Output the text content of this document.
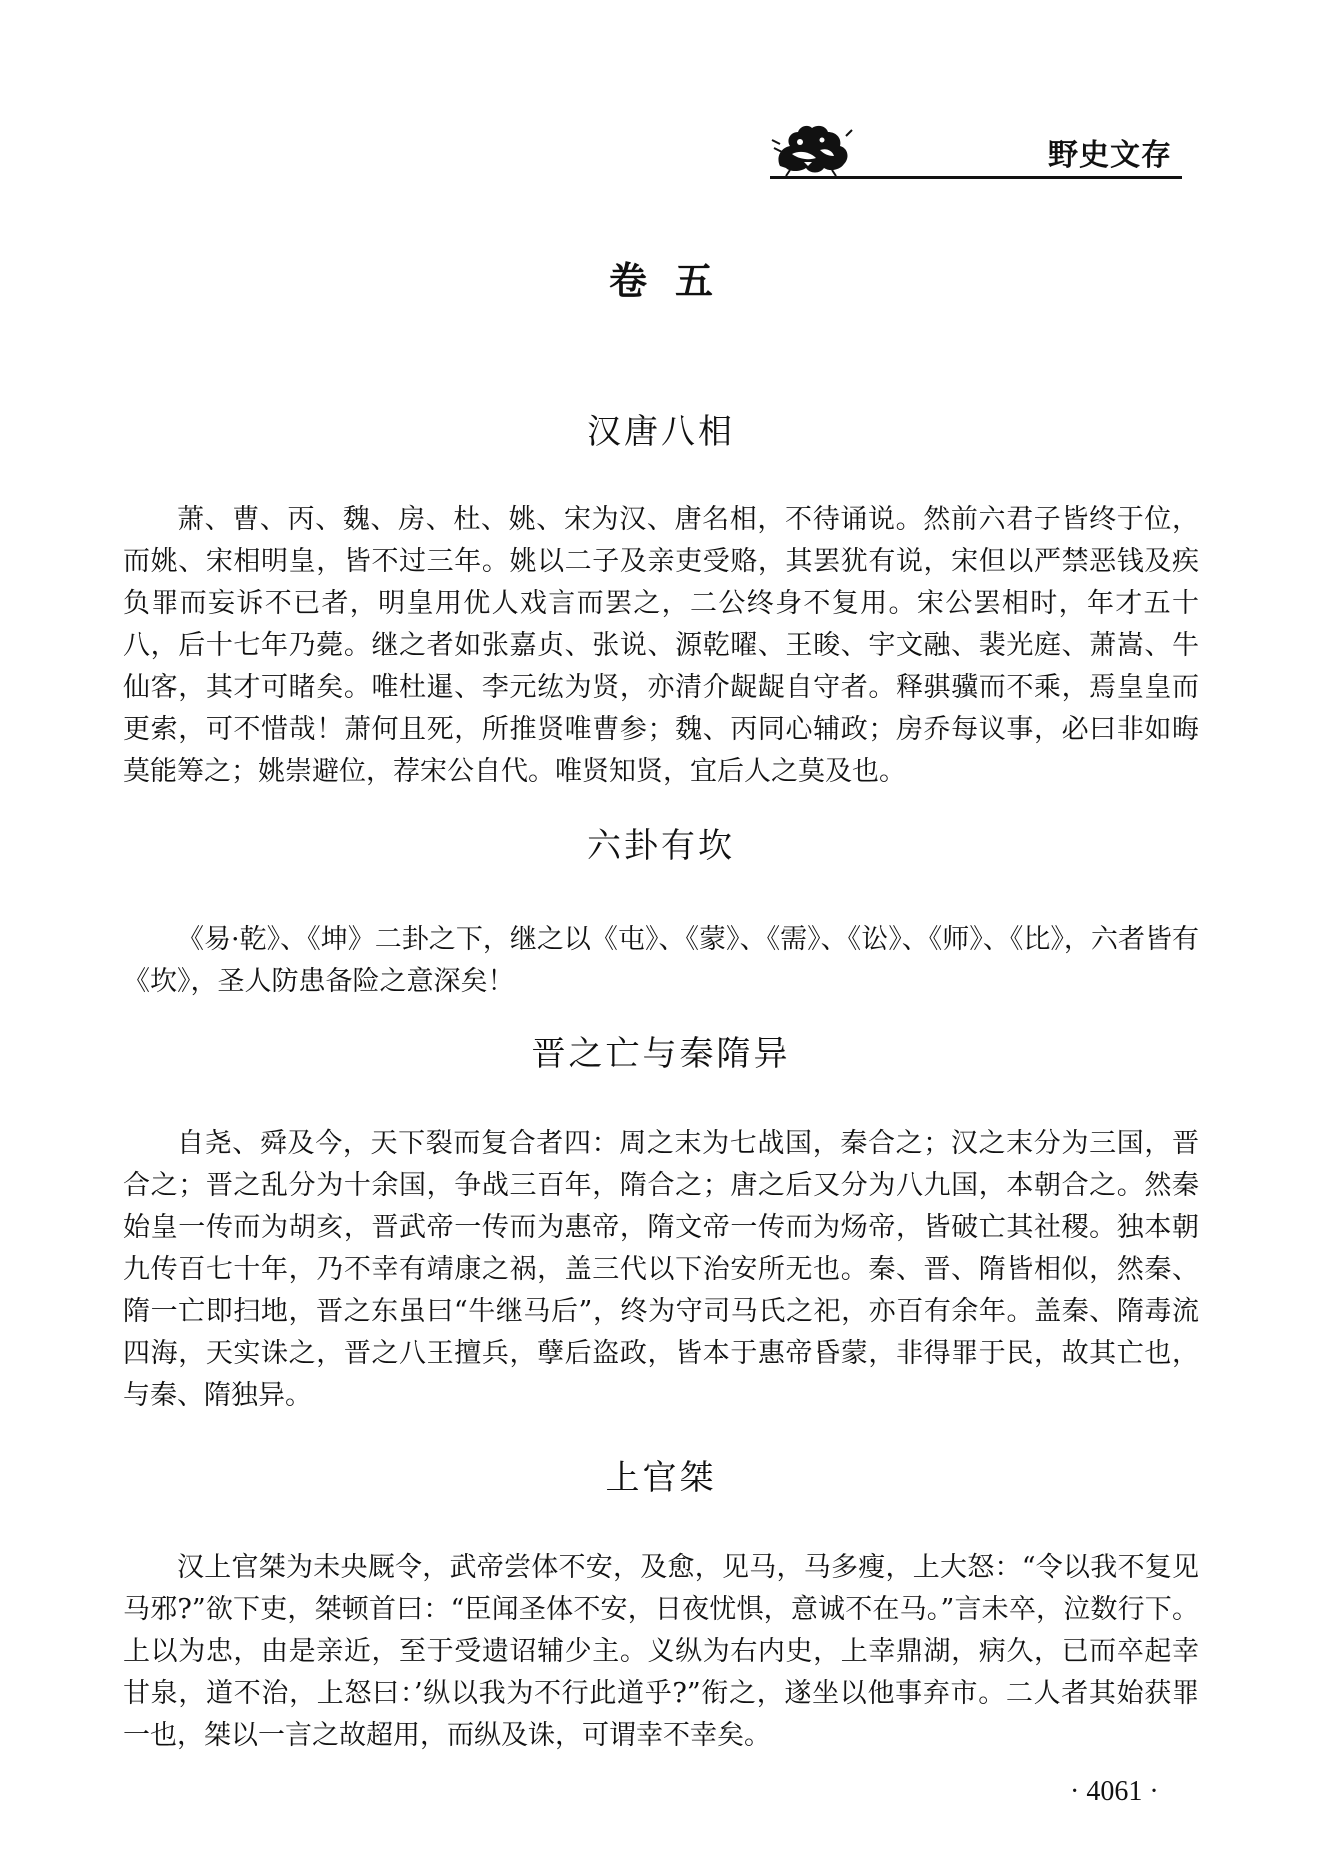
野史文存
卷五
汉唐八相

萧、曹、丙、魏、房、杜、姚、宋为汉、唐名相，不待诵说。然前六君子皆终于位，而姚、宋相明皇，皆不过三年。姚以二子及亲吏受赂，其罢犹有说，宋但以严禁恶钱及疾负罪而妄诉不已者，明皇用优人戏言而罢之，二公终身不复用。宋公罢相时，年才五十八，后十七年乃薨。继之者如张嘉贞、张说、源乾曜、王晙、宇文融、裴光庭、萧嵩、牛仙客，其才可睹矣。唯杜暹、李元纮为贤，亦清介龊龊自守者。释骐骥而不乘，焉皇皇而更索，可不惜哉！萧何且死，所推贤唯曹参；魏、丙同心辅政；房乔每议事，必曰非如晦莫能筹之；姚崇避位，荐宋公自代。唯贤知贤，宜后人之莫及也。

六卦有坎

《易·乾》、《坤》二卦之下，继之以《屯》、《蒙》、《需》、《讼》、《师》、《比》，六者皆有《坎》，圣人防患备险之意深矣！

晋之亡与秦隋异

自尧、舜及今，天下裂而复合者四：周之末为七战国，秦合之；汉之末分为三国，晋合之；晋之乱分为十余国，争战三百年，隋合之；唐之后又分为八九国，本朝合之。然秦始皇一传而为胡亥，晋武帝一传而为惠帝，隋文帝一传而为炀帝，皆破亡其社稷。独本朝九传百七十年，乃不幸有靖康之祸，盖三代以下治安所无也。秦、晋、隋皆相似，然秦、隋一亡即扫地，晋之东虽曰“牛继马后”，终为守司马氏之祀，亦百有余年。盖秦、隋毒流四海，天实诛之，晋之八王擅兵，孽后盗政，皆本于惠帝昏蒙，非得罪于民，故其亡也，与秦、隋独异。

上官桀

汉上官桀为未央厩令，武帝尝体不安，及愈，见马，马多瘦，上大怒：“令以我不复见马邪?”欲下吏，桀顿首曰：“臣闻圣体不安，日夜忧惧，意诚不在马。”言未卒，泣数行下。上以为忠，由是亲近，至于受遗诏辅少主。义纵为右内史，上幸鼎湖，病久，已而卒起幸甘泉，道不治，上怒曰：’纵以我为不行此道乎?”衔之，遂坐以他事弃市。二人者其始获罪一也，桀以一言之故超用，而纵及诛，可谓幸不幸矣。

· 4061 ·
